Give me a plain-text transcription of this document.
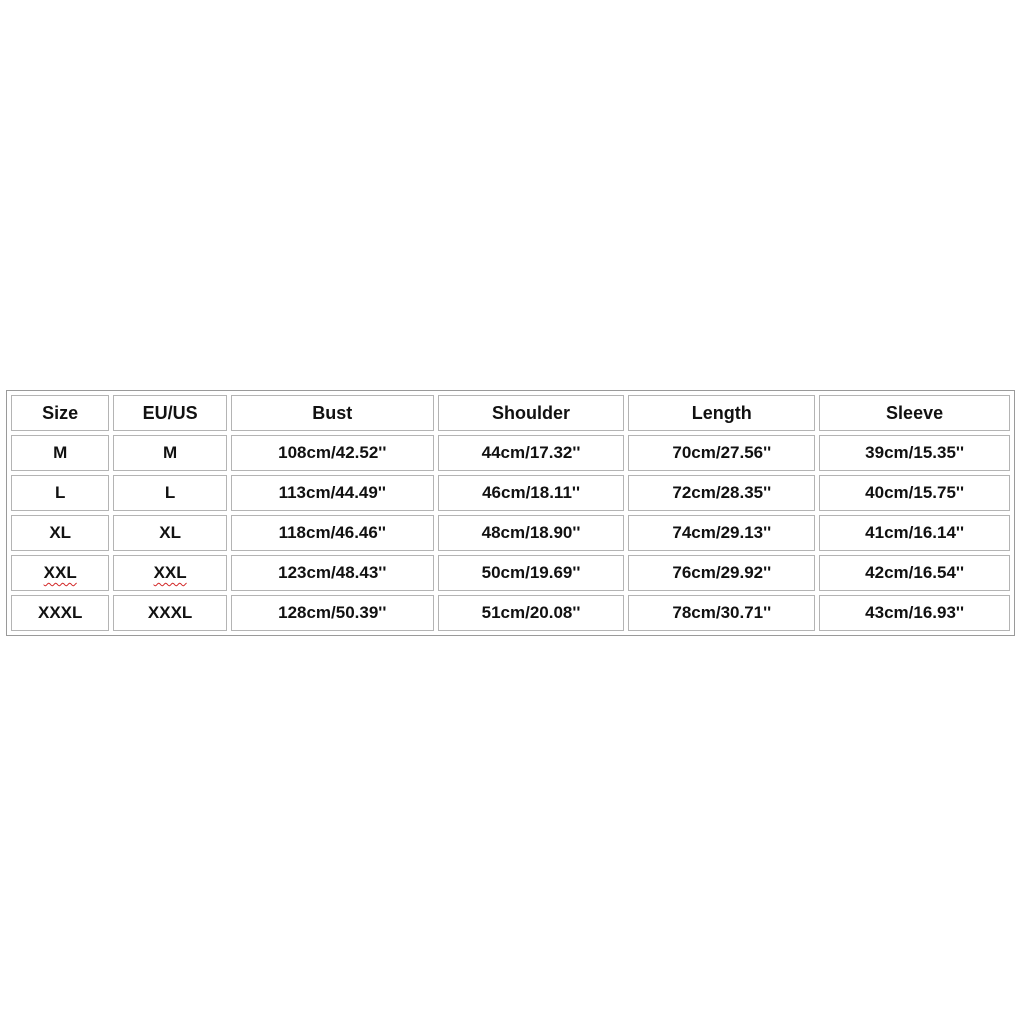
Size	EU/US	Bust	Shoulder	Length	Sleeve
M	M	108cm/42.52''	44cm/17.32''	70cm/27.56''	39cm/15.35''
L	L	113cm/44.49''	46cm/18.11''	72cm/28.35''	40cm/15.75''
XL	XL	118cm/46.46''	48cm/18.90''	74cm/29.13''	41cm/16.14''
XXL	XXL	123cm/48.43''	50cm/19.69''	76cm/29.92''	42cm/16.54''
XXXL	XXXL	128cm/50.39''	51cm/20.08''	78cm/30.71''	43cm/16.93''
